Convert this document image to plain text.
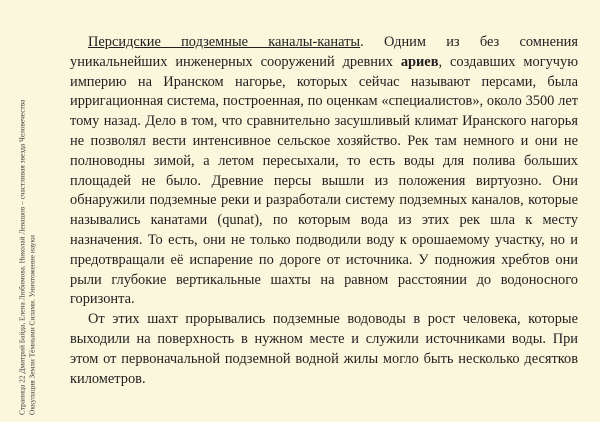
Страница 22 Дмитрий Байда, Елена Любимова. Николай Левашов – счастливая звезда Человечества Оккупация Земли Тёмными Силами. Уничтожение науки

Персидские подземные каналы-канаты. Одним из без сомнения уникальнейших инженерных сооружений древних ариев, создавших могучую империю на Иранском нагорье, которых сейчас называют персами, была ирригационная система, построенная, по оценкам «специалистов», около 3500 лет тому назад. Дело в том, что сравнительно засушливый климат Иранского нагорья не позволял вести интенсивное сельское хозяйство. Рек там немного и они не полноводны зимой, а летом пересыхали, то есть воды для полива больших площадей не было. Древние персы вышли из положения виртуозно. Они обнаружили подземные реки и разработали систему подземных каналов, которые назывались канатами (qunat), по которым вода из этих рек шла к месту назначения. То есть, они не только подводили воду к орошаемому участку, но и предотвращали её испарение по дороге от источника. У подножия хребтов они рыли глубокие вертикальные шахты на равном расстоянии до водоносного горизонта.

От этих шахт прорывались подземные водоводы в рост человека, которые выходили на поверхность в нужном месте и служили источниками воды. При этом от первоначальной подземной водной жилы могло быть несколько десятков километров.
